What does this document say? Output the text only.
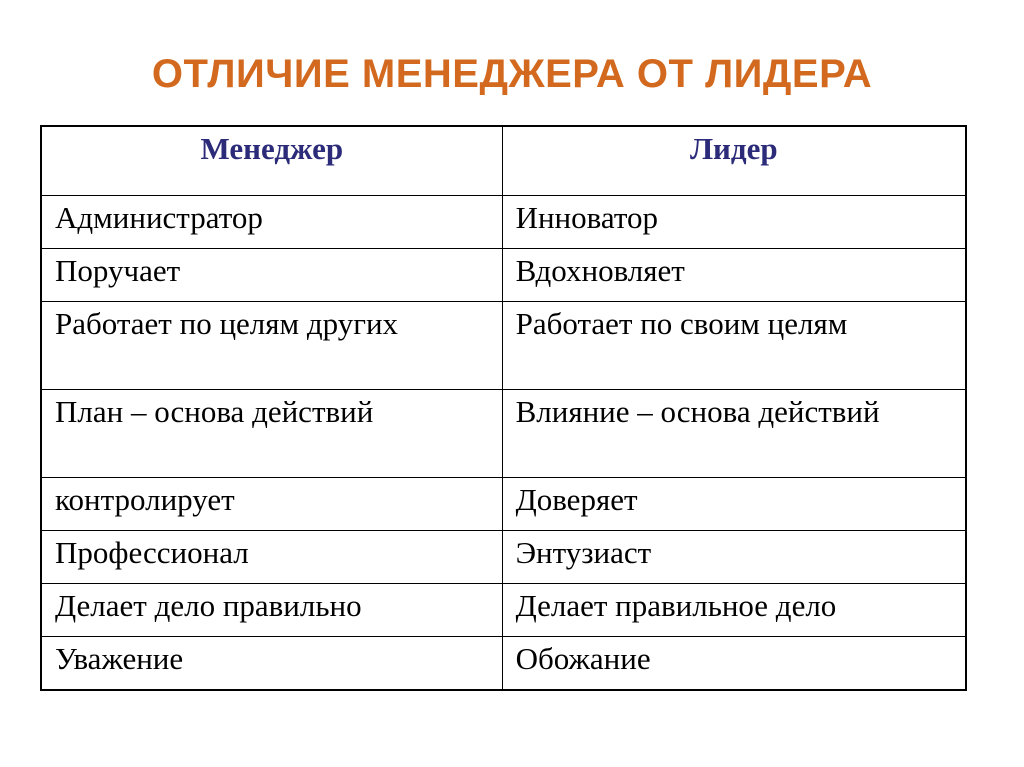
ОТЛИЧИЕ МЕНЕДЖЕРА ОТ ЛИДЕРА
Менеджер	Лидер
Администратор	Инноватор
Поручает	Вдохновляет
Работает по целям других	Работает по своим целям
План – основа действий	Влияние – основа действий
контролирует	Доверяет
Профессионал	Энтузиаст
Делает дело правильно	Делает правильное дело
Уважение	Обожание
